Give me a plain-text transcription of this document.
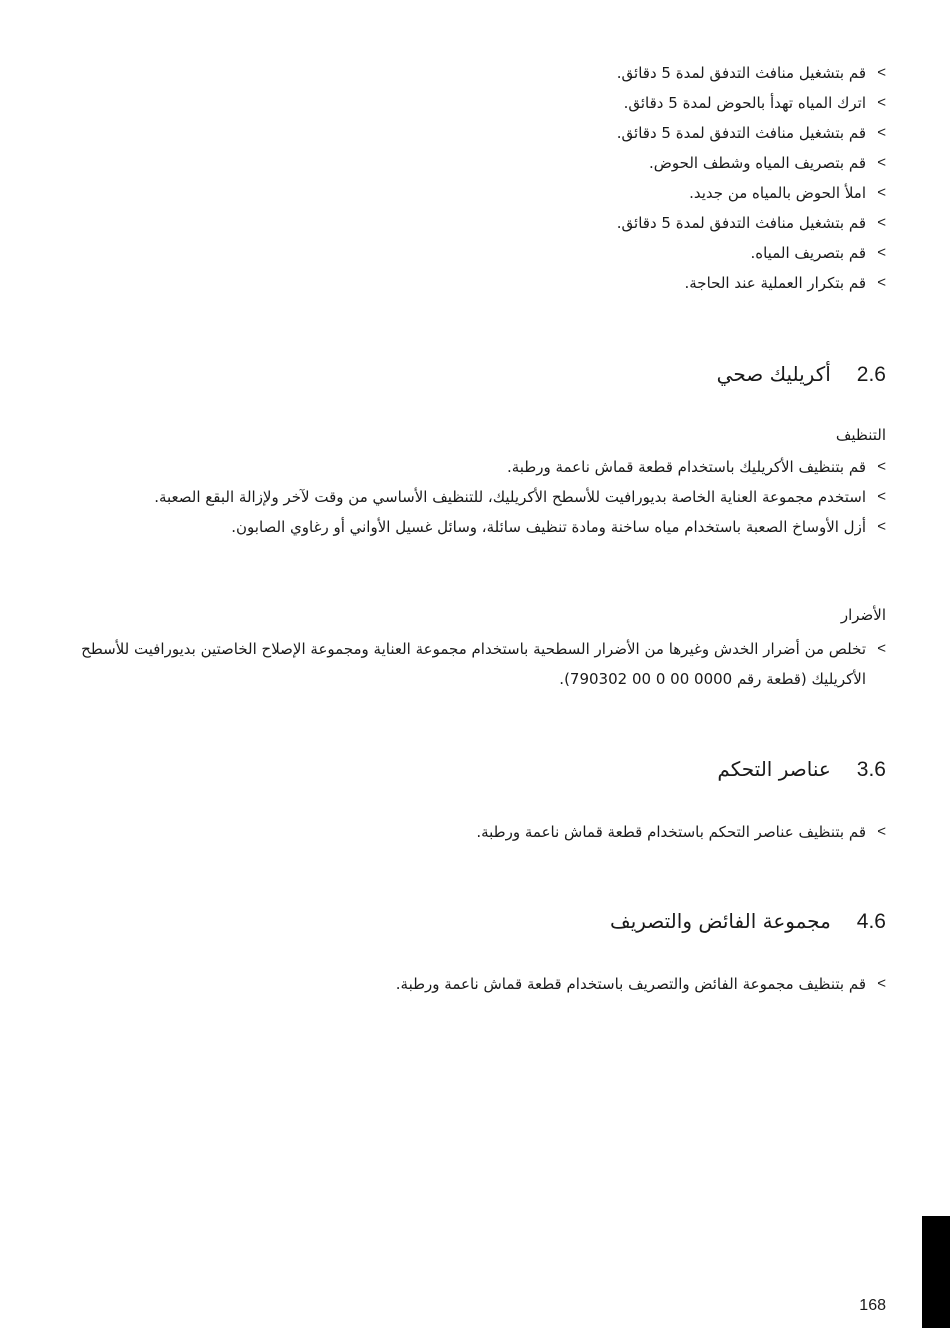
>
قم بتشغيل منافث التدفق لمدة 5 دقائق.
>
اترك المياه تهدأ بالحوض لمدة 5 دقائق.
>
قم بتشغيل منافث التدفق لمدة 5 دقائق.
>
قم بتصريف المياه وشطف الحوض.
>
املأ الحوض بالمياه من جديد.
>
قم بتشغيل منافث التدفق لمدة 5 دقائق.
>
قم بتصريف المياه.
>
قم بتكرار العملية عند الحاجة.
2.6
أكريليك صحي
التنظيف
>
قم بتنظيف الأكريليك باستخدام قطعة قماش ناعمة ورطبة.
>
استخدم مجموعة العناية الخاصة بديورافيت للأسطح الأكريليك، للتنظيف الأساسي من وقت لآخر ولإزالة البقع الصعبة.
>
أزل الأوساخ الصعبة باستخدام مياه ساخنة ومادة تنظيف سائلة، وسائل غسيل الأواني أو رغاوي الصابون.
الأضرار
>
تخلص من أضرار الخدش وغيرها من الأضرار السطحية باستخدام مجموعة العناية ومجموعة الإصلاح الخاصتين بديورافيت للأسطح الأكريليك (قطعة رقم 0000 00 0 00 790302).
3.6
عناصر التحكم
>
قم بتنظيف عناصر التحكم باستخدام قطعة قماش ناعمة ورطبة.
4.6
مجموعة الفائض والتصريف
>
قم بتنظيف مجموعة الفائض والتصريف باستخدام قطعة قماش ناعمة ورطبة.
168
